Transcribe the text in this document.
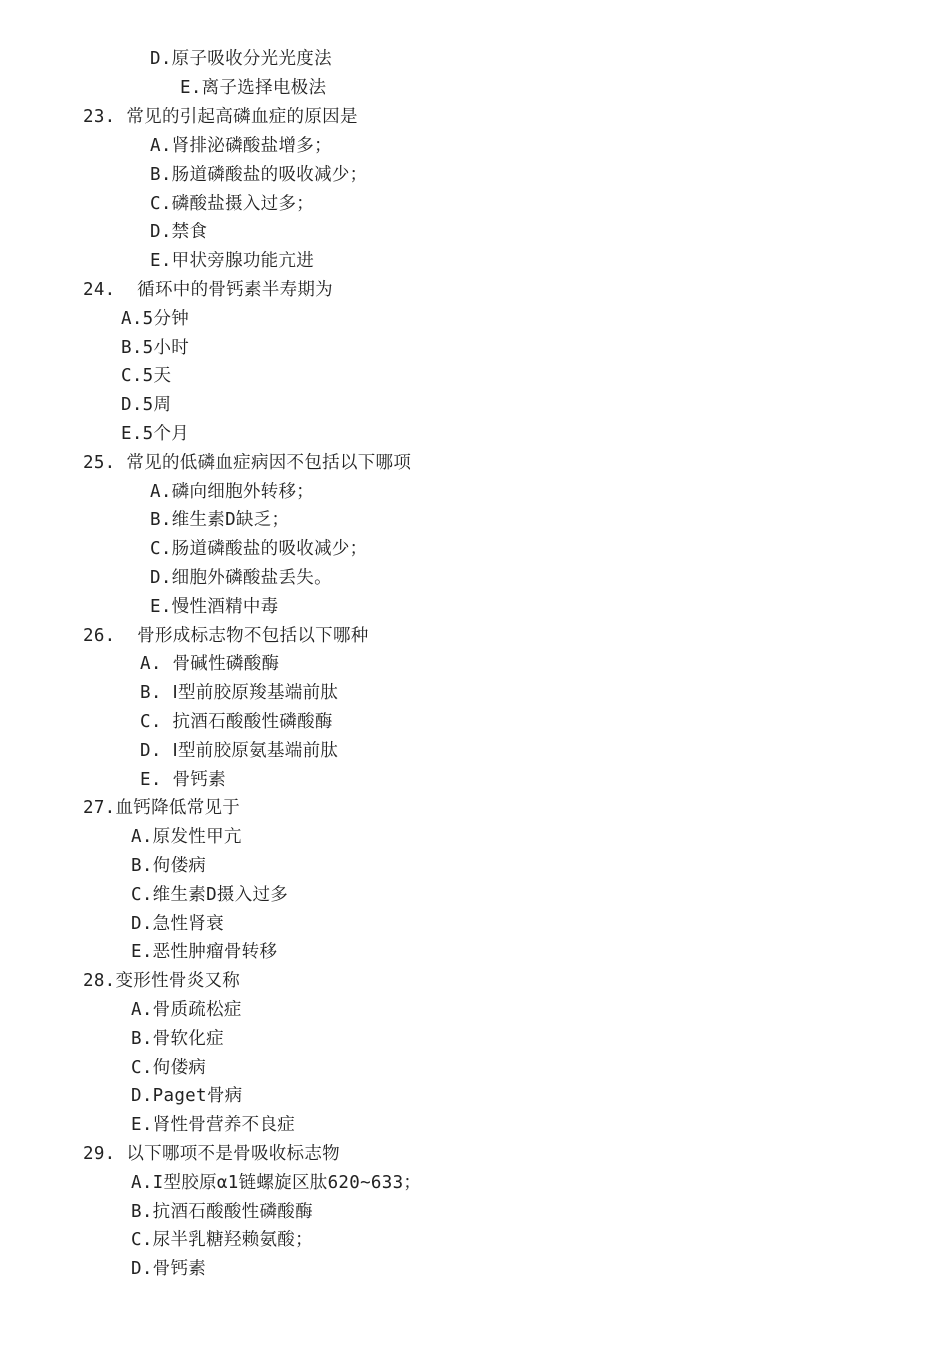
D.原子吸收分光光度法
E.离子选择电极法
23. 常见的引起高磷血症的原因是
A.肾排泌磷酸盐增多；
B.肠道磷酸盐的吸收减少；
C.磷酸盐摄入过多；
D.禁食
E.甲状旁腺功能亢进
24.  循环中的骨钙素半寿期为
A.5分钟
B.5小时
C.5天
D.5周
E.5个月
25. 常见的低磷血症病因不包括以下哪项
A.磷向细胞外转移；
B.维生素D缺乏；
C.肠道磷酸盐的吸收减少；
D.细胞外磷酸盐丢失。
E.慢性酒精中毒
26.  骨形成标志物不包括以下哪种
A. 骨碱性磷酸酶
B. Ⅰ型前胶原羧基端前肽
C. 抗酒石酸酸性磷酸酶
D. Ⅰ型前胶原氨基端前肽
E. 骨钙素
27.血钙降低常见于
A.原发性甲亢
B.佝偻病
C.维生素D摄入过多
D.急性肾衰
E.恶性肿瘤骨转移
28.变形性骨炎又称
A.骨质疏松症
B.骨软化症
C.佝偻病
D.Paget骨病
E.肾性骨营养不良症
29. 以下哪项不是骨吸收标志物
A.I型胶原α1链螺旋区肽620~633；
B.抗酒石酸酸性磷酸酶
C.尿半乳糖羟赖氨酸；
D.骨钙素
